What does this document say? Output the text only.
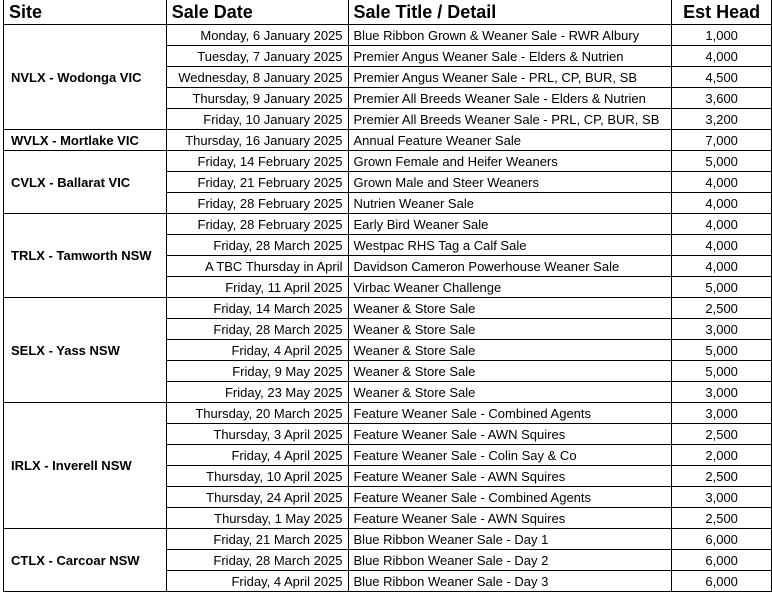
Site	Sale Date	Sale Title / Detail	Est Head
NVLX - Wodonga VIC	Monday, 6 January 2025	Blue Ribbon Grown & Weaner Sale - RWR Albury	1,000
	Tuesday, 7 January 2025	Premier Angus Weaner Sale - Elders & Nutrien	4,000
	Wednesday, 8 January 2025	Premier Angus Weaner Sale - PRL, CP, BUR, SB	4,500
	Thursday, 9 January 2025	Premier All Breeds Weaner Sale - Elders & Nutrien	3,600
	Friday, 10 January 2025	Premier All Breeds Weaner Sale - PRL, CP, BUR, SB	3,200
WVLX - Mortlake VIC	Thursday, 16 January 2025	Annual Feature Weaner Sale	7,000
CVLX - Ballarat VIC	Friday, 14 February 2025	Grown Female and Heifer Weaners	5,000
	Friday, 21 February 2025	Grown Male and Steer Weaners	4,000
	Friday, 28 February 2025	Nutrien Weaner Sale	4,000
TRLX - Tamworth NSW	Friday, 28 February 2025	Early Bird Weaner Sale	4,000
	Friday, 28 March 2025	Westpac RHS Tag a Calf Sale	4,000
	A TBC Thursday in April	Davidson Cameron Powerhouse Weaner Sale	4,000
	Friday, 11 April 2025	Virbac Weaner Challenge	5,000
SELX - Yass NSW	Friday, 14 March 2025	Weaner & Store Sale	2,500
	Friday, 28 March 2025	Weaner & Store Sale	3,000
	Friday, 4 April 2025	Weaner & Store Sale	5,000
	Friday, 9 May 2025	Weaner & Store Sale	5,000
	Friday, 23 May 2025	Weaner & Store Sale	3,000
IRLX - Inverell NSW	Thursday, 20 March 2025	Feature Weaner Sale - Combined Agents	3,000
	Thursday, 3 April 2025	Feature Weaner Sale - AWN Squires	2,500
	Friday, 4 April 2025	Feature Weaner Sale - Colin Say & Co	2,000
	Thursday, 10 April 2025	Feature Weaner Sale - AWN Squires	2,500
	Thursday, 24 April 2025	Feature Weaner Sale - Combined Agents	3,000
	Thursday, 1 May 2025	Feature Weaner Sale - AWN Squires	2,500
CTLX - Carcoar NSW	Friday, 21 March 2025	Blue Ribbon Weaner Sale - Day 1	6,000
	Friday, 28 March 2025	Blue Ribbon Weaner Sale - Day 2	6,000
	Friday, 4 April 2025	Blue Ribbon Weaner Sale - Day 3	6,000
